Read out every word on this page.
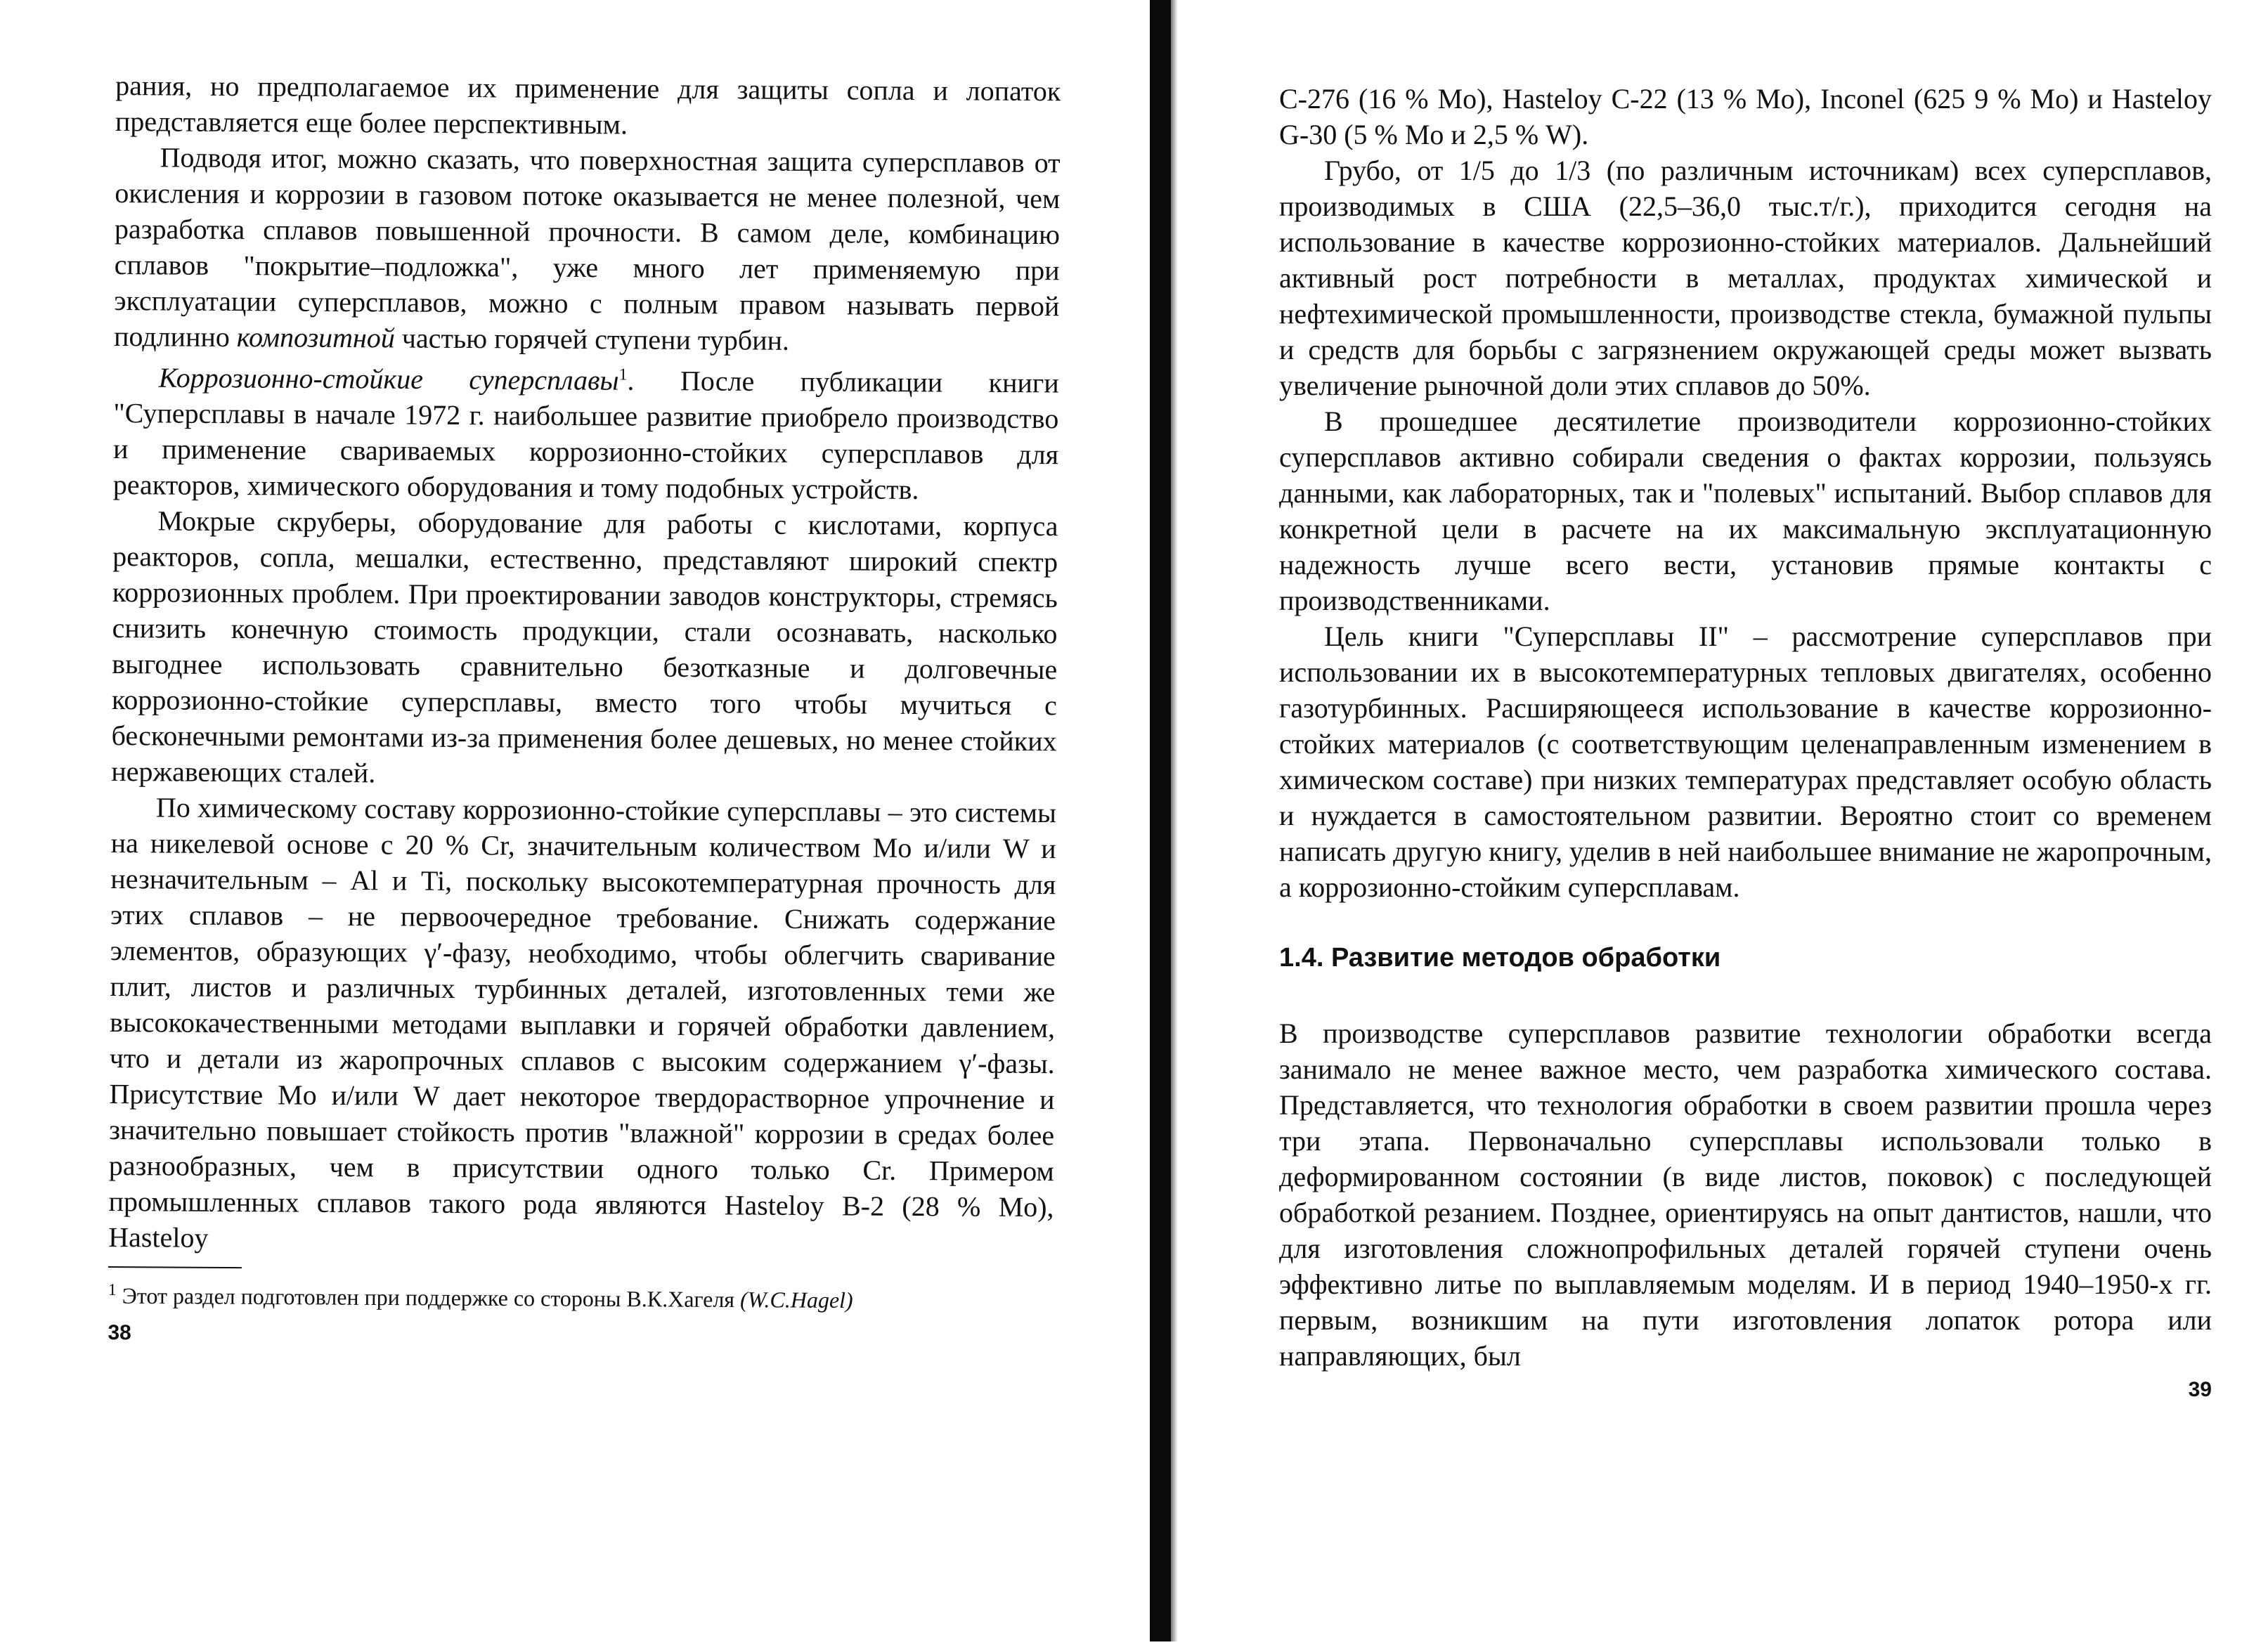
рания, но предполагаемое их применение для защиты сопла и лопаток представляется еще более перспективным.

Подводя итог, можно сказать, что поверхностная защита суперсплавов от окисления и коррозии в газовом потоке оказывается не менее полезной, чем разработка сплавов повышенной прочности. В самом деле, комбинацию сплавов "покрытие–подложка", уже много лет применяемую при эксплуатации суперсплавов, можно с полным правом называть первой подлинно композитной частью горячей ступени турбин.

Коррозионно-стойкие суперсплавы$^1$. После публикации книги "Суперсплавы в начале 1972 г. наибольшее развитие приобрело производство и применение свариваемых коррозионно-стойких суперсплавов для реакторов, химического оборудования и тому подобных устройств.

Мокрые скруберы, оборудование для работы с кислотами, корпуса реакторов, сопла, мешалки, естественно, представляют широкий спектр коррозионных проблем. При проектировании заводов конструкторы, стремясь снизить конечную стоимость продукции, стали осознавать, насколько выгоднее использовать сравнительно безотказные и долговечные коррозионно-стойкие суперсплавы, вместо того чтобы мучиться с бесконечными ремонтами из-за применения более дешевых, но менее стойких нержавеющих сталей.

По химическому составу коррозионно-стойкие суперсплавы – это системы на никелевой основе с 20 % Cr, значительным количеством Mo и/или W и незначительным – Al и Ti, поскольку высокотемпературная прочность для этих сплавов – не первоочередное требование. Снижать содержание элементов, образующих γ′-фазу, необходимо, чтобы облегчить сваривание плит, листов и различных турбинных деталей, изготовленных теми же высококачественными методами выплавки и горячей обработки давлением, что и детали из жаропрочных сплавов с высоким содержанием γ′-фазы. Присутствие Mo и/или W дает некоторое твердорастворное упрочнение и значительно повышает стойкость против "влажной" коррозии в средах более разнообразных, чем в присутствии одного только Cr. Примером промышленных сплавов такого рода являются Hasteloy B-2 (28 % Mo), Hasteloy

$^1$ Этот раздел подготовлен при поддержке со стороны В.К.Хагеля (W.C.Hagel)

38

C-276 (16 % Mo), Hasteloy C-22 (13 % Mo), Inconel (625 9 % Mo) и Hasteloy G-30 (5 % Mo и 2,5 % W).

Грубо, от 1/5 до 1/3 (по различным источникам) всех суперсплавов, производимых в США (22,5–36,0 тыс.т/г.), приходится сегодня на использование в качестве коррозионно-стойких материалов. Дальнейший активный рост потребности в металлах, продуктах химической и нефтехимической промышленности, производстве стекла, бумажной пульпы и средств для борьбы с загрязнением окружающей среды может вызвать увеличение рыночной доли этих сплавов до 50%.

В прошедшее десятилетие производители коррозионно-стойких суперсплавов активно собирали сведения о фактах коррозии, пользуясь данными, как лабораторных, так и "полевых" испытаний. Выбор сплавов для конкретной цели в расчете на их максимальную эксплуатационную надежность лучше всего вести, установив прямые контакты с производственниками.

Цель книги "Суперсплавы II" – рассмотрение суперсплавов при использовании их в высокотемпературных тепловых двигателях, особенно газотурбинных. Расширяющееся использование в качестве коррозионно-стойких материалов (с соответствующим целенаправленным изменением в химическом составе) при низких температурах представляет особую область и нуждается в самостоятельном развитии. Вероятно стоит со временем написать другую книгу, уделив в ней наибольшее внимание не жаропрочным, а коррозионно-стойким суперсплавам.

1.4. Развитие методов обработки

В производстве суперсплавов развитие технологии обработки всегда занимало не менее важное место, чем разработка химического состава. Представляется, что технология обработки в своем развитии прошла через три этапа. Первоначально суперсплавы использовали только в деформированном состоянии (в виде листов, поковок) с последующей обработкой резанием. Позднее, ориентируясь на опыт дантистов, нашли, что для изготовления сложнопрофильных деталей горячей ступени очень эффективно литье по выплавляемым моделям. И в период 1940–1950-х гг. первым, возникшим на пути изготовления лопаток ротора или направляющих, был

39
